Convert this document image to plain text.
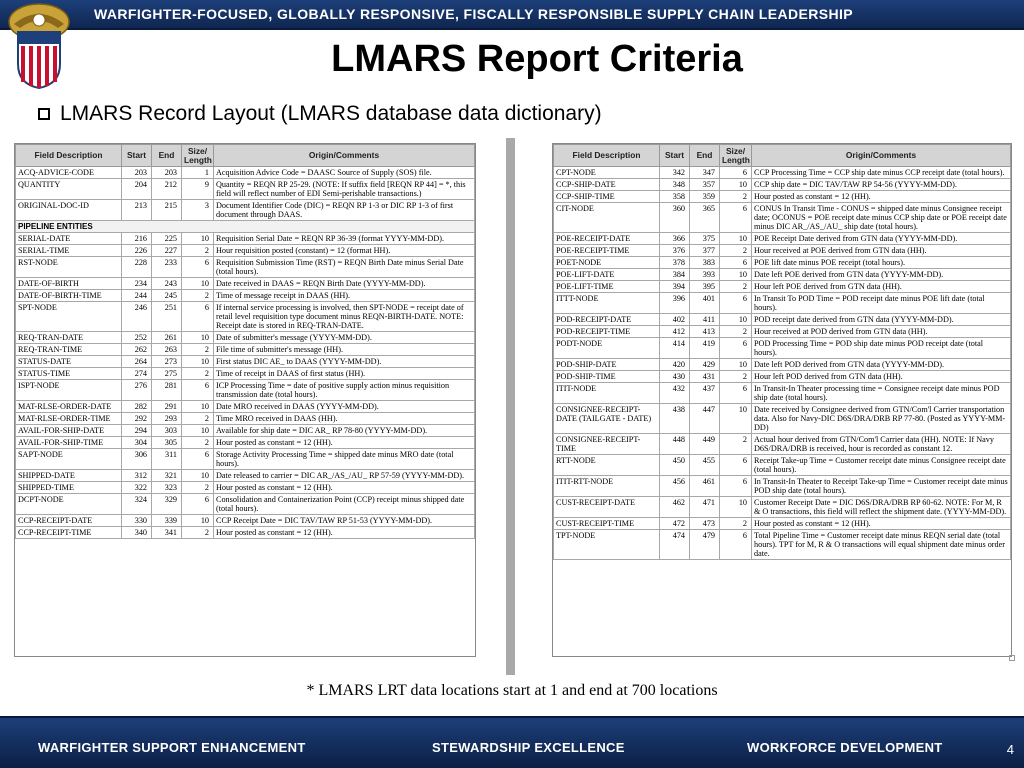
WARFIGHTER-FOCUSED, GLOBALLY RESPONSIVE, FISCALLY RESPONSIBLE SUPPLY CHAIN LEADERSHIP
LMARS Report Criteria
LMARS Record Layout (LMARS database data dictionary)
Field Description	Start	End	Size/ Length	Origin/Comments
ACQ-ADVICE-CODE	203	203	1	Acquisition Advice Code = DAASC Source of Supply (SOS) file.
QUANTITY	204	212	9	Quantity = REQN RP 25-29. (NOTE: If suffix field [REQN RP 44] = *, this field will reflect number of EDI Semi-perishable transactions.)
ORIGINAL-DOC-ID	213	215	3	Document Identifier Code (DIC) = REQN RP 1-3 or DIC RP 1-3 of first document through DAAS.
PIPELINE ENTITIES				
SERIAL-DATE	216	225	10	Requisition Serial Date = REQN RP 36-39 (format YYYY-MM-DD).
SERIAL-TIME	226	227	2	Hour requisition posted (constant) = 12 (format HH).
RST-NODE	228	233	6	Requisition Submission Time (RST) = REQN Birth Date minus Serial Date (total hours).
DATE-OF-BIRTH	234	243	10	Date received in DAAS = REQN Birth Date (YYYY-MM-DD).
DATE-OF-BIRTH-TIME	244	245	2	Time of message receipt in DAAS (HH).
SPT-NODE	246	251	6	If internal service processing is involved, then SPT-NODE = receipt date of retail level requisition type document minus REQN-BIRTH-DATE. NOTE: Receipt date is stored in REQ-TRAN-DATE.
REQ-TRAN-DATE	252	261	10	Date of submitter's message (YYYY-MM-DD).
REQ-TRAN-TIME	262	263	2	File time of submitter's message (HH).
STATUS-DATE	264	273	10	First status DIC AE_ to DAAS (YYYY-MM-DD).
STATUS-TIME	274	275	2	Time of receipt in DAAS of first status (HH).
ISPT-NODE	276	281	6	ICP Processing Time = date of positive supply action minus requisition transmission date (total hours).
MAT-RLSE-ORDER-DATE	282	291	10	Date MRO received in DAAS (YYYY-MM-DD).
MAT-RLSE-ORDER-TIME	292	293	2	Time MRO received in DAAS (HH).
AVAIL-FOR-SHIP-DATE	294	303	10	Available for ship date = DIC AR_ RP 78-80 (YYYY-MM-DD).
AVAIL-FOR-SHIP-TIME	304	305	2	Hour posted as constant = 12 (HH).
SAPT-NODE	306	311	6	Storage Activity Processing Time = shipped date minus MRO date (total hours).
SHIPPED-DATE	312	321	10	Date released to carrier = DIC AR_/AS_/AU_ RP 57-59 (YYYY-MM-DD).
SHIPPED-TIME	322	323	2	Hour posted as constant = 12 (HH).
DCPT-NODE	324	329	6	Consolidation and Containerization Point (CCP) receipt minus shipped date (total hours).
CCP-RECEIPT-DATE	330	339	10	CCP Receipt Date = DIC TAV/TAW RP 51-53 (YYYY-MM-DD).
CCP-RECEIPT-TIME	340	341	2	Hour posted as constant = 12 (HH).
Field Description	Start	End	Size/ Length	Origin/Comments
CPT-NODE	342	347	6	CCP Processing Time = CCP ship date minus CCP receipt date (total hours).
CCP-SHIP-DATE	348	357	10	CCP ship date = DIC TAV/TAW RP 54-56 (YYYY-MM-DD).
CCP-SHIP-TIME	358	359	2	Hour posted as constant = 12 (HH).
CIT-NODE	360	365	6	CONUS In Transit Time - CONUS = shipped date minus Consignee receipt date; OCONUS = POE receipt date minus CCP ship date or POE receipt date minus DIC AR_/AS_/AU_ ship date (total hours).
POE-RECEIPT-DATE	366	375	10	POE Receipt Date derived from GTN data (YYYY-MM-DD).
POE-RECEIPT-TIME	376	377	2	Hour received at POE derived from GTN data (HH).
POET-NODE	378	383	6	POE lift date minus POE receipt (total hours).
POE-LIFT-DATE	384	393	10	Date left POE derived from GTN data (YYYY-MM-DD).
POE-LIFT-TIME	394	395	2	Hour left POE derived from GTN data (HH).
ITTT-NODE	396	401	6	In Transit To POD Time = POD receipt date minus POE lift date (total hours).
POD-RECEIPT-DATE	402	411	10	POD receipt date derived from GTN data (YYYY-MM-DD).
POD-RECEIPT-TIME	412	413	2	Hour received at POD derived from GTN data (HH).
PODT-NODE	414	419	6	POD Processing Time = POD ship date minus POD receipt date (total hours).
POD-SHIP-DATE	420	429	10	Date left POD derived from GTN data (YYYY-MM-DD).
POD-SHIP-TIME	430	431	2	Hour left POD derived from GTN data (HH).
ITIT-NODE	432	437	6	In Transit-In Theater processing time = Consignee receipt date minus POD ship date (total hours).
CONSIGNEE-RECEIPT-DATE (TAILGATE - DATE)	438	447	10	Date received by Consignee derived from GTN/Com'l Carrier transportation data. Also for Navy-DIC D6S/DRA/DRB RP 77-80. (Posted as YYYY-MM-DD)
CONSIGNEE-RECEIPT-TIME	448	449	2	Actual hour derived from GTN/Com'l Carrier data (HH). NOTE: If Navy D6S/DRA/DRB is received, hour is recorded as constant 12.
RTT-NODE	450	455	6	Receipt Take-up Time = Customer receipt date minus Consignee receipt date (total hours).
ITIT-RTT-NODE	456	461	6	In Transit-In Theater to Receipt Take-up Time = Customer receipt date minus POD ship date (total hours).
CUST-RECEIPT-DATE	462	471	10	Customer Receipt Date = DIC D6S/DRA/DRB RP 60-62. NOTE: For M, R & O transactions, this field will reflect the shipment date. (YYYY-MM-DD).
CUST-RECEIPT-TIME	472	473	2	Hour posted as constant = 12 (HH).
TPT-NODE	474	479	6	Total Pipeline Time = Customer receipt date minus REQN serial date (total hours). TPT for M, R & O transactions will equal shipment date minus order date.
* LMARS LRT data locations start at 1 and end at 700 locations
WARFIGHTER SUPPORT ENHANCEMENT	STEWARDSHIP EXCELLENCE	WORKFORCE DEVELOPMENT	4
